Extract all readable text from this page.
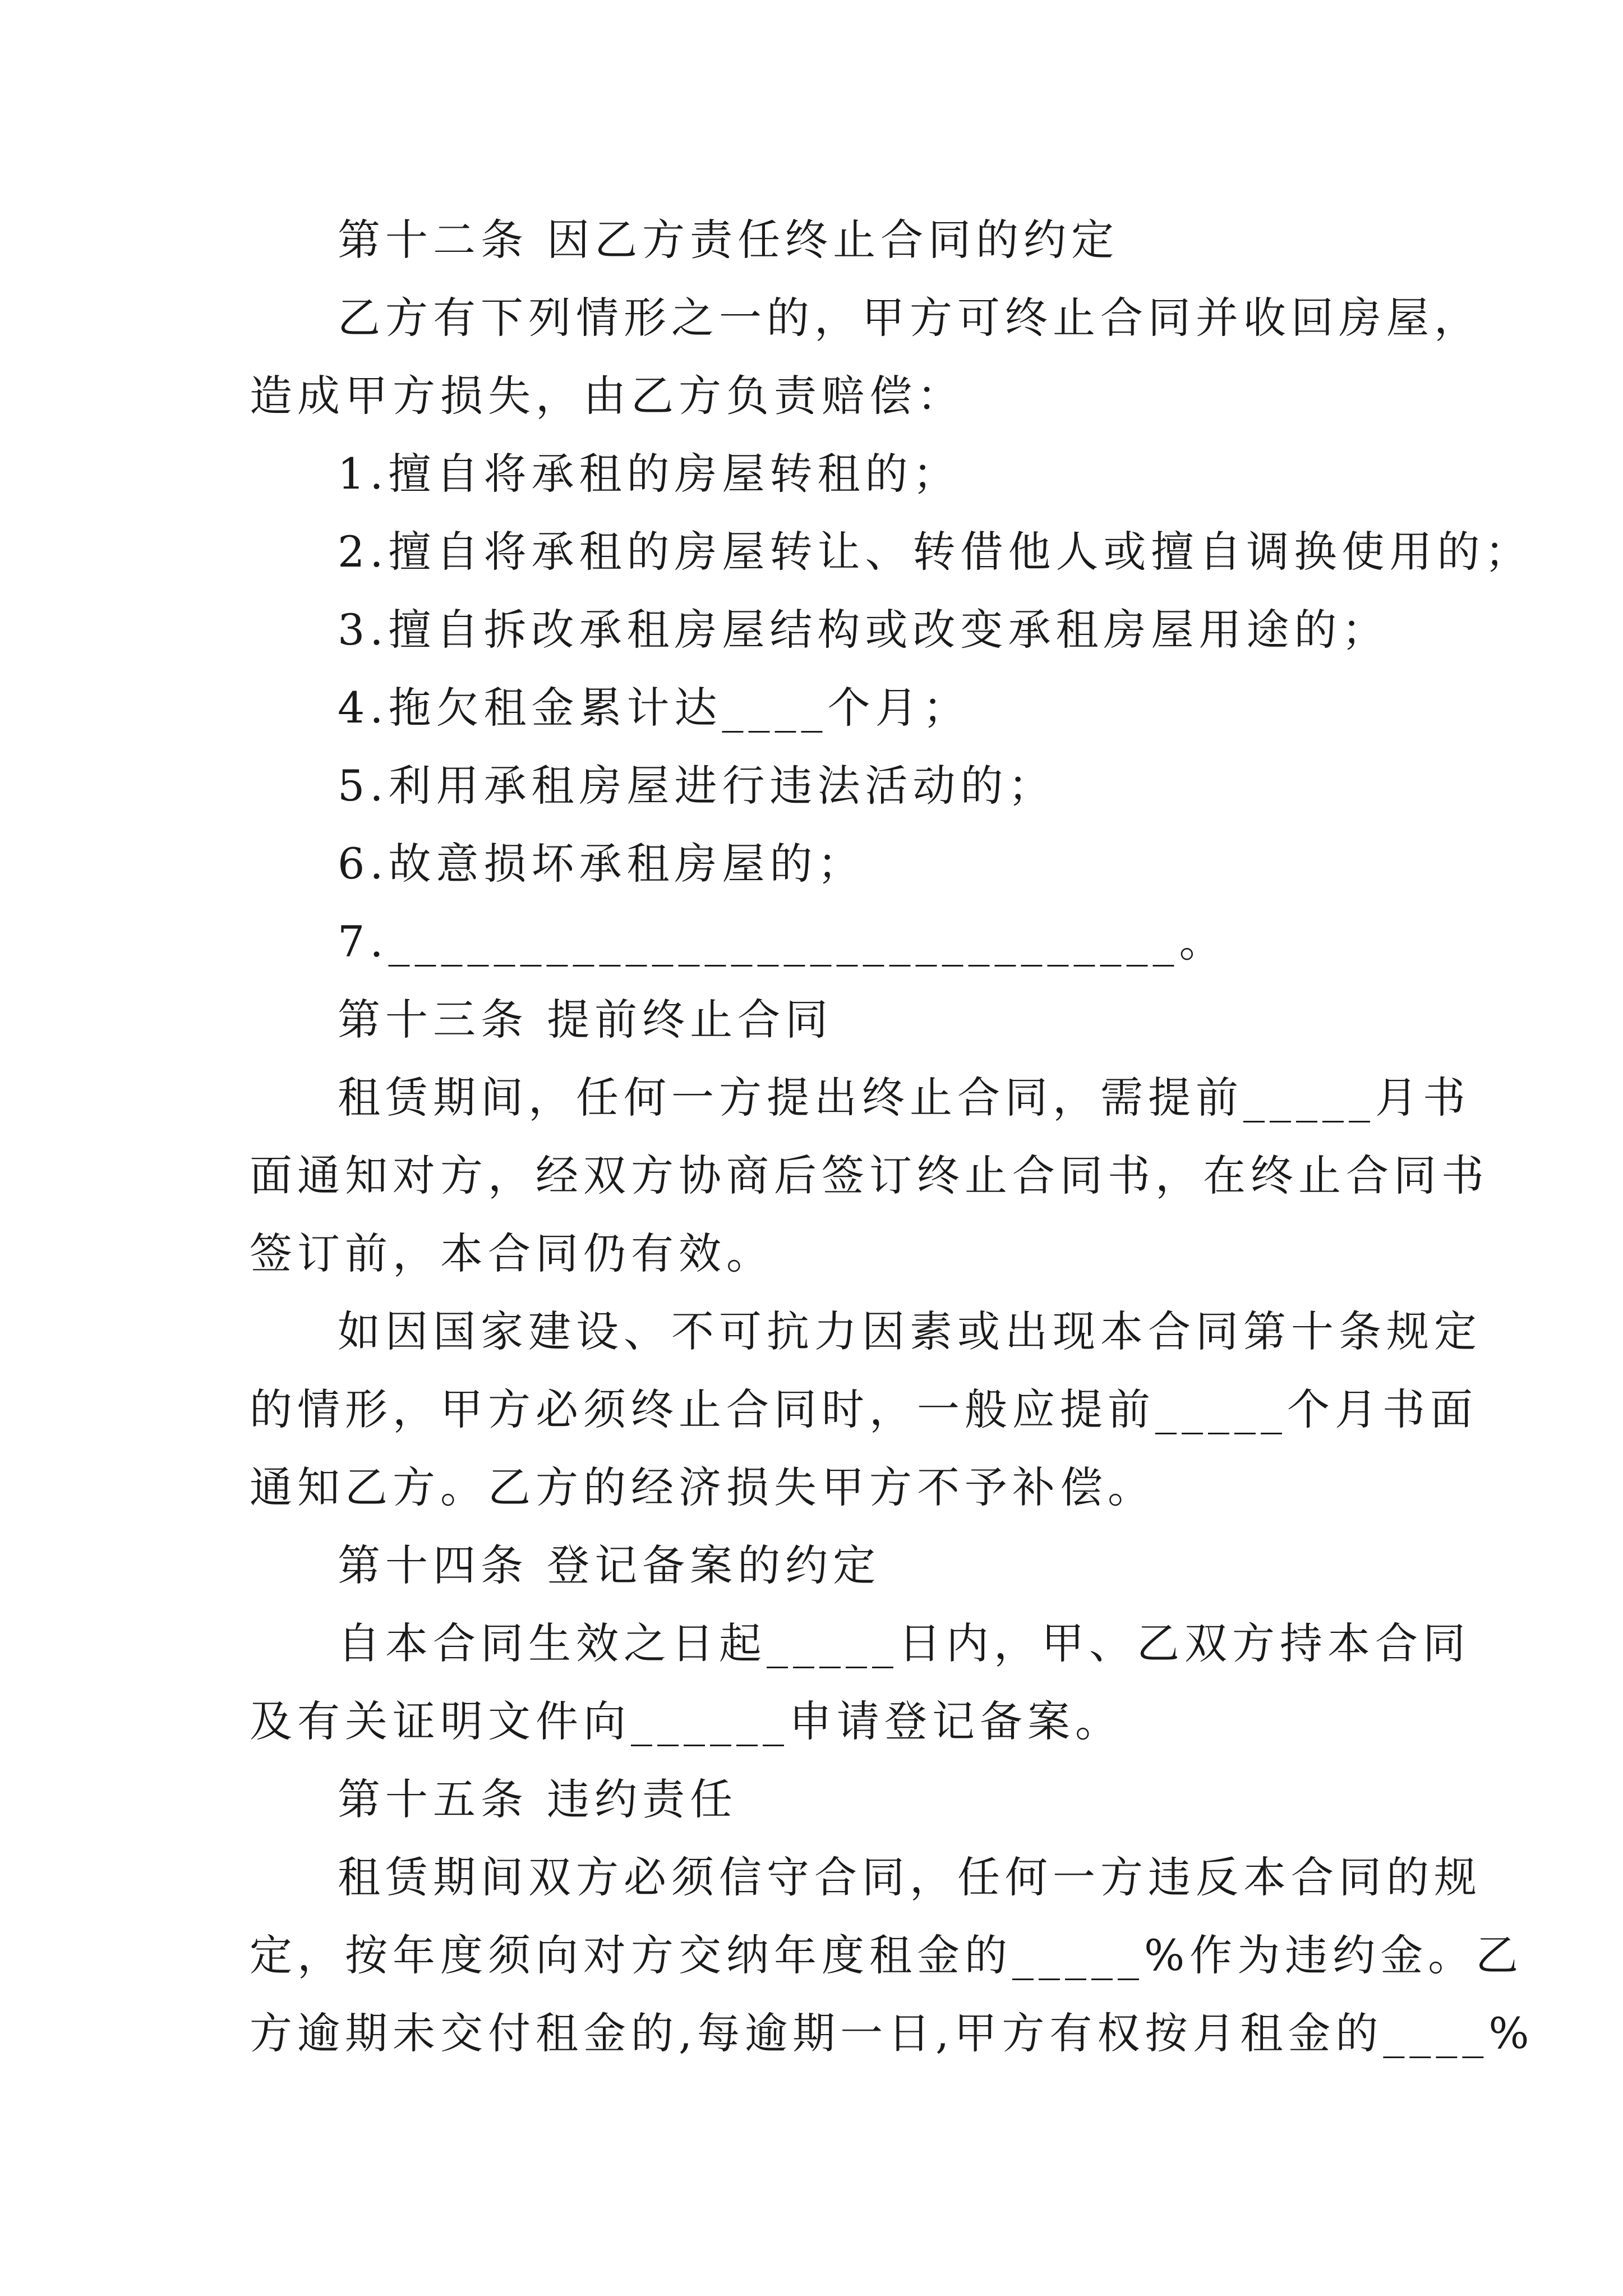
第十二条 因乙方责任终止合同的约定
乙方有下列情形之一的，甲方可终止合同并收回房屋，
造成甲方损失，由乙方负责赔偿：
1.擅自将承租的房屋转租的；
2.擅自将承租的房屋转让、转借他人或擅自调换使用的；
3.擅自拆改承租房屋结构或改变承租房屋用途的；
4.拖欠租金累计达____个月；
5.利用承租房屋进行违法活动的；
6.故意损坏承租房屋的；
7.______________________________。
第十三条 提前终止合同
租赁期间，任何一方提出终止合同，需提前_____月书
面通知对方，经双方协商后签订终止合同书，在终止合同书
签订前，本合同仍有效。
如因国家建设、不可抗力因素或出现本合同第十条规定
的情形，甲方必须终止合同时，一般应提前_____个月书面
通知乙方。乙方的经济损失甲方不予补偿。
第十四条 登记备案的约定
自本合同生效之日起_____日内，甲、乙双方持本合同
及有关证明文件向______申请登记备案。
第十五条 违约责任
租赁期间双方必须信守合同，任何一方违反本合同的规
定，按年度须向对方交纳年度租金的_____%作为违约金。乙
方逾期未交付租金的,每逾期一日,甲方有权按月租金的____%
